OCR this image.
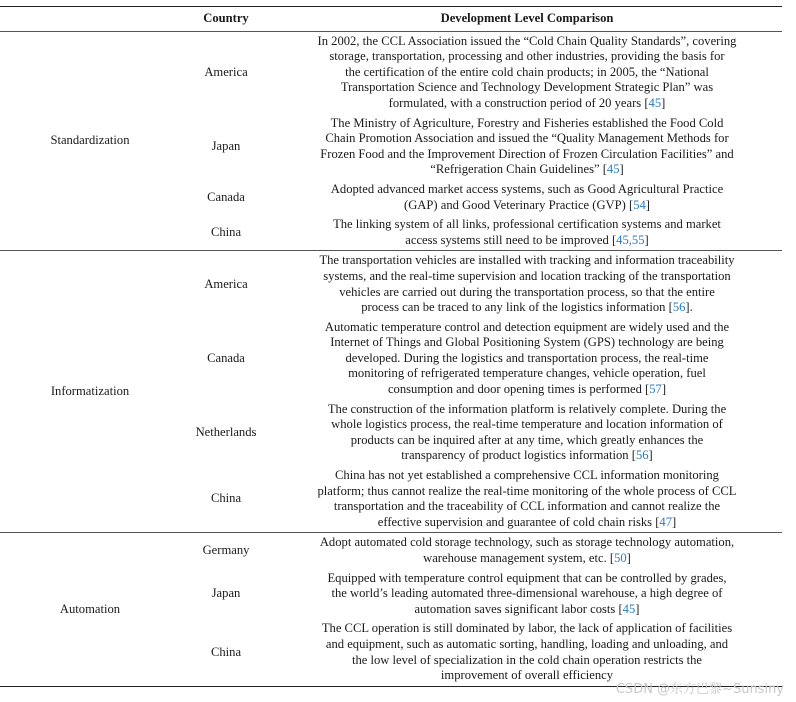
	Country	Development Level Comparison
Standardization	America	In 2002, the CCL Association issued the “Cold Chain Quality Standards”, covering
storage, transportation, processing and other industries, providing the basis for
the certification of the entire cold chain products; in 2005, the “National
Transportation Science and Technology Development Strategic Plan” was
formulated, with a construction period of 20 years [45]
	Japan	The Ministry of Agriculture, Forestry and Fisheries established the Food Cold
Chain Promotion Association and issued the “Quality Management Methods for
Frozen Food and the Improvement Direction of Frozen Circulation Facilities” and
“Refrigeration Chain Guidelines” [45]
	Canada	Adopted advanced market access systems, such as Good Agricultural Practice
(GAP) and Good Veterinary Practice (GVP) [54]
	China	The linking system of all links, professional certification systems and market
access systems still need to be improved [45,55]
Informatization	America	The transportation vehicles are installed with tracking and information traceability
systems, and the real-time supervision and location tracking of the transportation
vehicles are carried out during the transportation process, so that the entire
process can be traced to any link of the logistics information [56].
	Canada	Automatic temperature control and detection equipment are widely used and the
Internet of Things and Global Positioning System (GPS) technology are being
developed. During the logistics and transportation process, the real-time
monitoring of refrigerated temperature changes, vehicle operation, fuel
consumption and door opening times is performed [57]
	Netherlands	The construction of the information platform is relatively complete. During the
whole logistics process, the real-time temperature and location information of
products can be inquired after at any time, which greatly enhances the
transparency of product logistics information [56]
	China	China has not yet established a comprehensive CCL information monitoring
platform; thus cannot realize the real-time monitoring of the whole process of CCL
transportation and the traceability of CCL information and cannot realize the
effective supervision and guarantee of cold chain risks [47]
Automation	Germany	Adopt automated cold storage technology, such as storage technology automation,
warehouse management system, etc. [50]
	Japan	Equipped with temperature control equipment that can be controlled by grades,
the world’s leading automated three-dimensional warehouse, a high degree of
automation saves significant labor costs [45]
	China	The CCL operation is still dominated by labor, the lack of application of facilities
and equipment, such as automatic sorting, handling, loading and unloading, and
the low level of specialization in the cold chain operation restricts the
improvement of overall efficiency
CSDN @东方巴黎~Sunsiny
